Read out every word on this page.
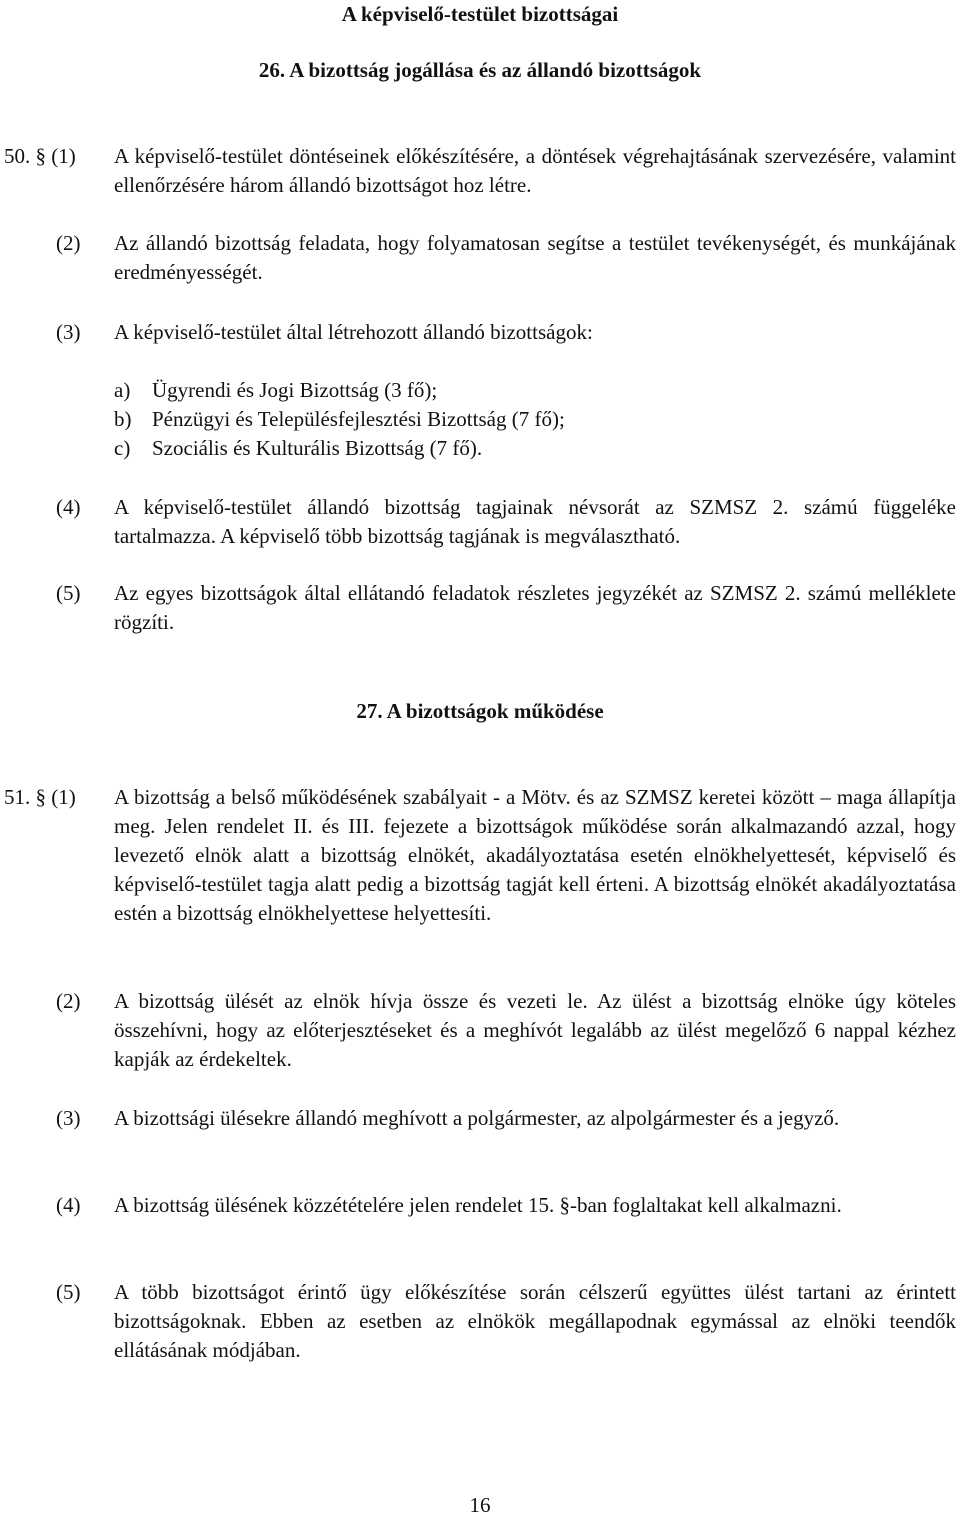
A képviselő-testület bizottságai
26. A bizottság jogállása és az állandó bizottságok
50. § (1) A képviselő-testület döntéseinek előkészítésére, a döntések végrehajtásának szervezésére, valamint ellenőrzésére három állandó bizottságot hoz létre.
(2) Az állandó bizottság feladata, hogy folyamatosan segítse a testület tevékenységét, és munkájának eredményességét.
(3) A képviselő-testület által létrehozott állandó bizottságok:
a) Ügyrendi és Jogi Bizottság (3 fő);
b) Pénzügyi és Településfejlesztési Bizottság (7 fő);
c) Szociális és Kulturális Bizottság (7 fő).
(4) A képviselő-testület állandó bizottság tagjainak névsorát az SZMSZ 2. számú függeléke tartalmazza. A képviselő több bizottság tagjának is megválasztható.
(5) Az egyes bizottságok által ellátandó feladatok részletes jegyzékét az SZMSZ 2. számú melléklete rögzíti.
27. A bizottságok működése
51. § (1) A bizottság a belső működésének szabályait - a Mötv. és az SZMSZ keretei között – maga állapítja meg. Jelen rendelet II. és III. fejezete a bizottságok működése során alkalmazandó azzal, hogy levezető elnök alatt a bizottság elnökét, akadályoztatása esetén elnökhelyettesét, képviselő és képviselő-testület tagja alatt pedig a bizottság tagját kell érteni. A bizottság elnökét akadályoztatása estén a bizottság elnökhelyettese helyettesíti.
(2) A bizottság ülését az elnök hívja össze és vezeti le. Az ülést a bizottság elnöke úgy köteles összehívni, hogy az előterjesztéseket és a meghívót legalább az ülést megelőző 6 nappal kézhez kapják az érdekeltek.
(3) A bizottsági ülésekre állandó meghívott a polgármester, az alpolgármester és a jegyző.
(4) A bizottság ülésének közzétételére jelen rendelet 15. §-ban foglaltakat kell alkalmazni.
(5) A több bizottságot érintő ügy előkészítése során célszerű együttes ülést tartani az érintett bizottságoknak. Ebben az esetben az elnökök megállapodnak egymással az elnöki teendők ellátásának módjában.
16
